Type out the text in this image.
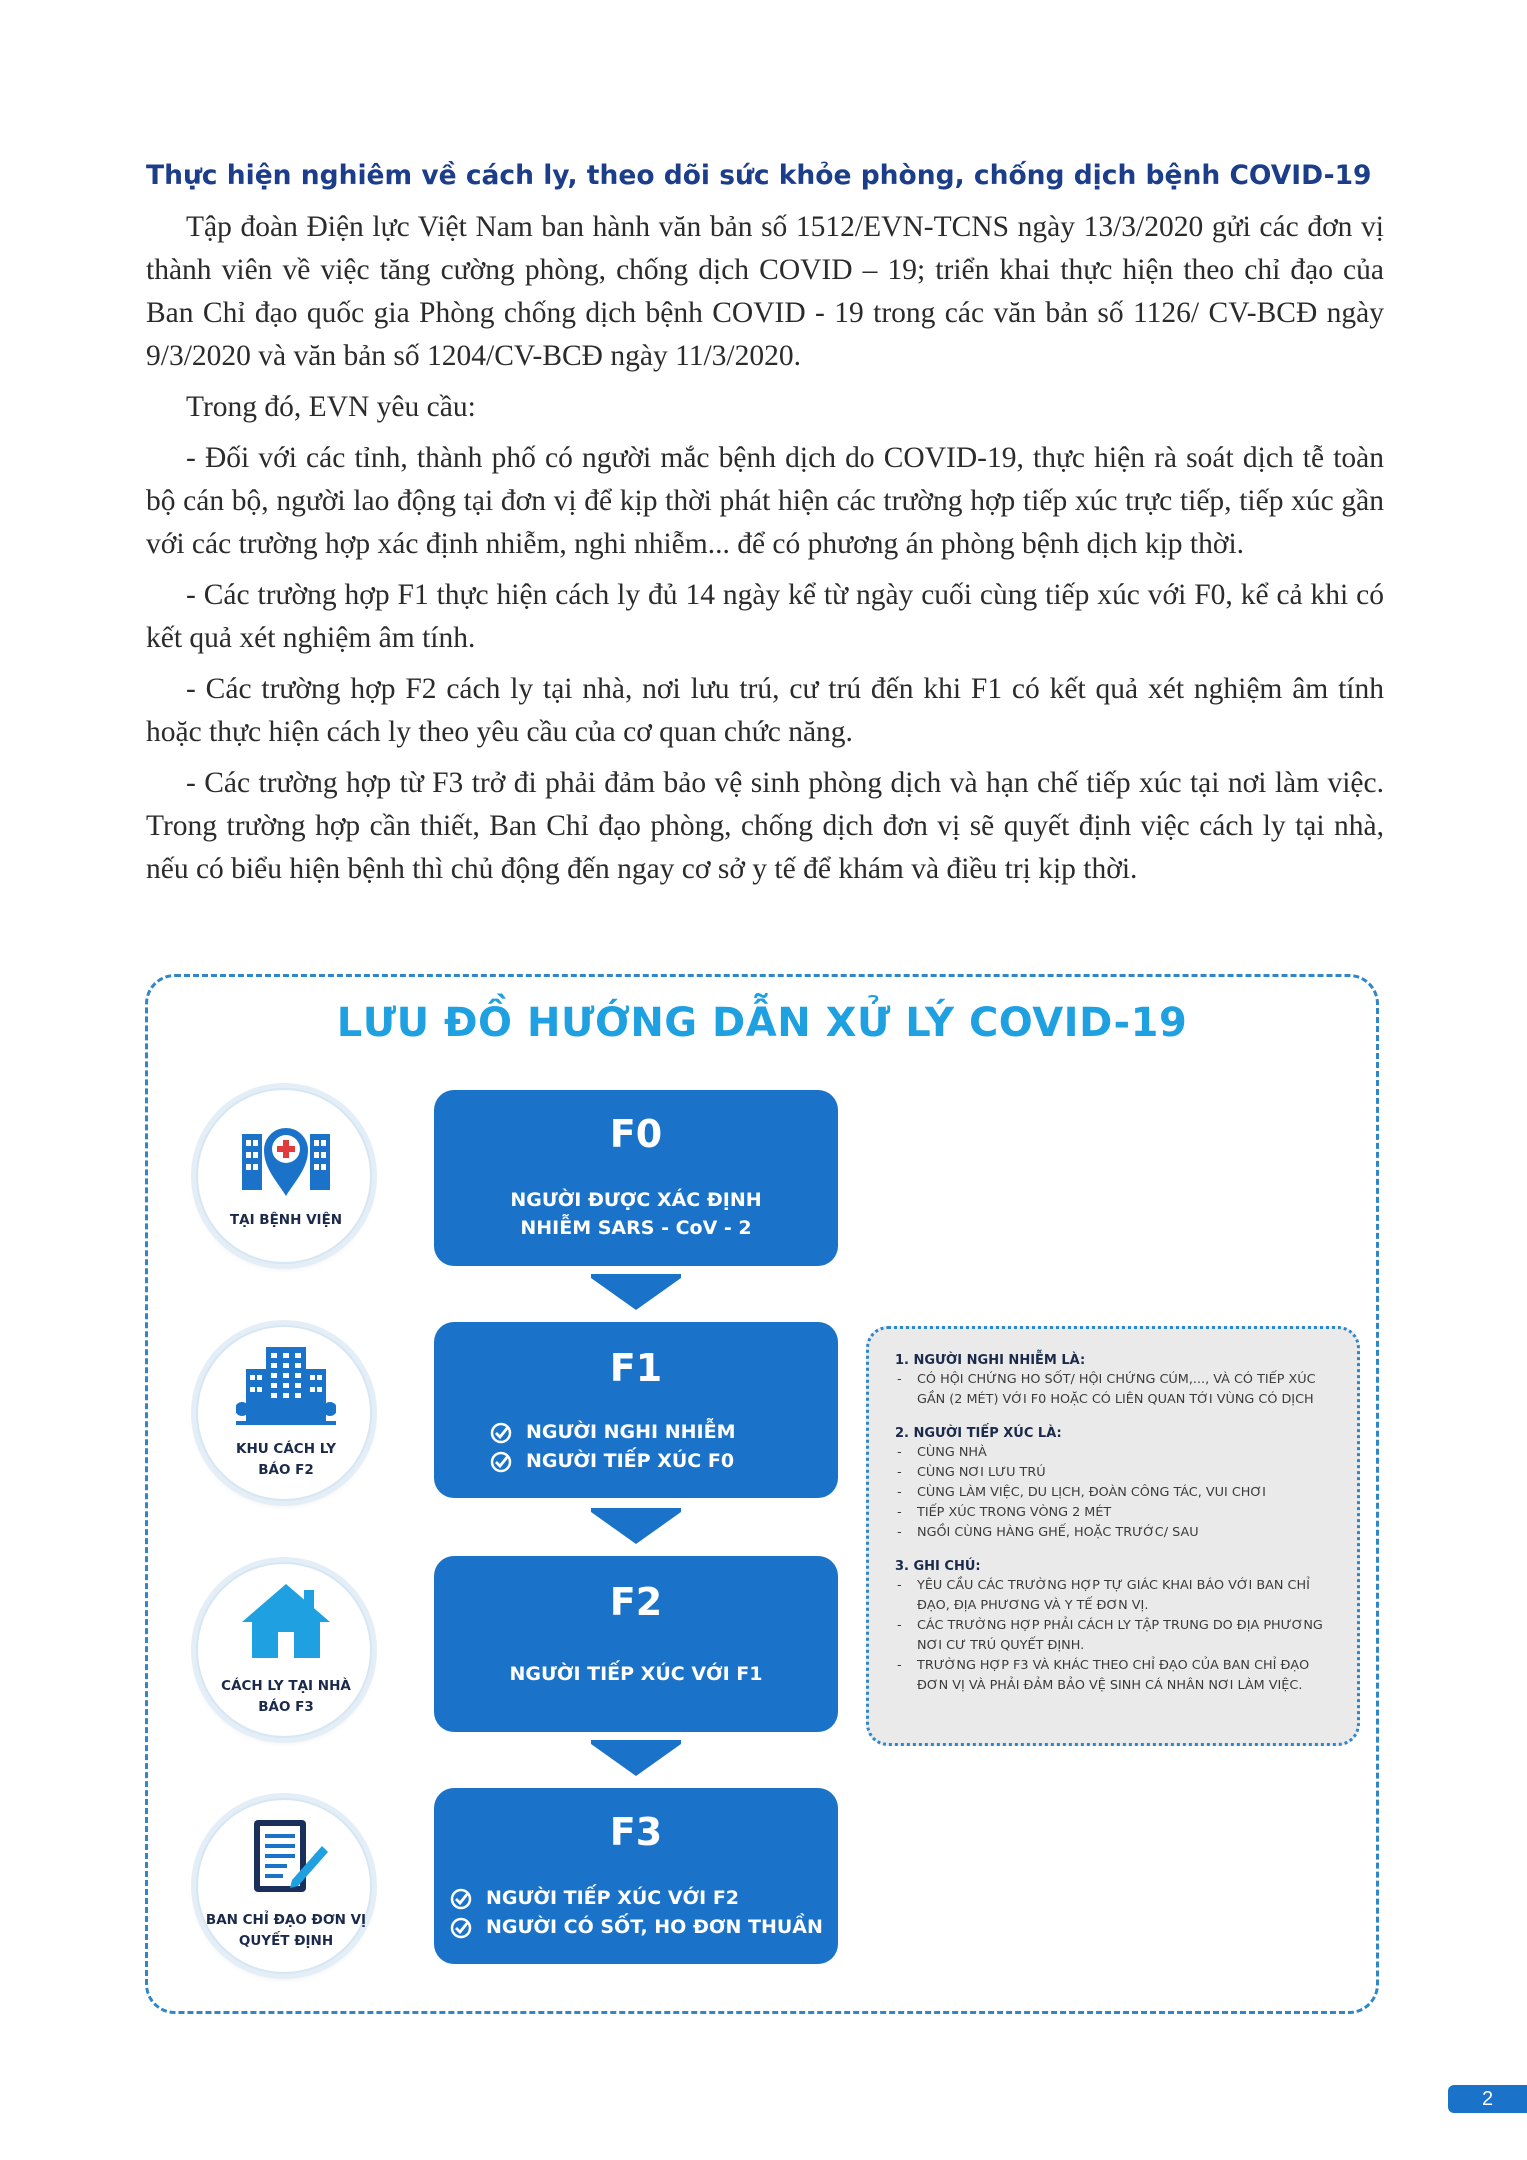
Thực hiện nghiêm về cách ly, theo dõi sức khỏe phòng, chống dịch bệnh COVID-19

Tập đoàn Điện lực Việt Nam ban hành văn bản số 1512/EVN-TCNS ngày 13/3/2020 gửi các đơn vị thành viên về việc tăng cường phòng, chống dịch COVID – 19; triển khai thực hiện theo chỉ đạo của Ban Chỉ đạo quốc gia Phòng chống dịch bệnh COVID - 19 trong các văn bản số 1126/ CV-BCĐ ngày 9/3/2020 và văn bản số 1204/CV-BCĐ ngày 11/3/2020.

Trong đó, EVN yêu cầu:

- Đối với các tỉnh, thành phố có người mắc bệnh dịch do COVID-19, thực hiện rà soát dịch tễ toàn bộ cán bộ, người lao động tại đơn vị để kịp thời phát hiện các trường hợp tiếp xúc trực tiếp, tiếp xúc gần với các trường hợp xác định nhiễm, nghi nhiễm... để có phương án phòng bệnh dịch kịp thời.

- Các trường hợp F1 thực hiện cách ly đủ 14 ngày kể từ ngày cuối cùng tiếp xúc với F0, kể cả khi có kết quả xét nghiệm âm tính.

- Các trường hợp F2 cách ly tại nhà, nơi lưu trú, cư trú đến khi F1 có kết quả xét nghiệm âm tính hoặc thực hiện cách ly theo yêu cầu của cơ quan chức năng.

- Các trường hợp từ F3 trở đi phải đảm bảo vệ sinh phòng dịch và hạn chế tiếp xúc tại nơi làm việc. Trong trường hợp cần thiết, Ban Chỉ đạo phòng, chống dịch đơn vị sẽ quyết định việc cách ly tại nhà, nếu có biểu hiện bệnh thì chủ động đến ngay cơ sở y tế để khám và điều trị kịp thời.

LƯU ĐỒ HƯỚNG DẪN XỬ LÝ COVID-19
TẠI BỆNH VIỆN
KHU CÁCH LY
BÁO F2
CÁCH LY TẠI NHÀ
BÁO F3
BAN CHỈ ĐẠO ĐƠN VỊ
QUYẾT ĐỊNH
F0
NGƯỜI ĐƯỢC XÁC ĐỊNH
NHIỄM SARS - CoV - 2
F1
NGƯỜI NGHI NHIỄM
NGƯỜI TIẾP XÚC F0
F2
NGƯỜI TIẾP XÚC VỚI F1
F3
NGƯỜI TIẾP XÚC VỚI F2
NGƯỜI CÓ SỐT, HO ĐƠN THUẦN
1. NGƯỜI NGHI NHIỄM LÀ:
-	CÓ HỘI CHỨNG HO SỐT/ HỘI CHỨNG CÚM,..., VÀ CÓ TIẾP XÚC GẦN (2 MÉT) VỚI F0 HOẶC CÓ LIÊN QUAN TỚI VÙNG CÓ DỊCH
2. NGƯỜI TIẾP XÚC LÀ:
-	CÙNG NHÀ
-	CÙNG NƠI LƯU TRÚ
-	CÙNG LÀM VIỆC, DU LỊCH, ĐOÀN CÔNG TÁC, VUI CHƠI
-	TIẾP XÚC TRONG VÒNG 2 MÉT
-	NGỒI CÙNG HÀNG GHẾ, HOẶC TRƯỚC/ SAU
3. GHI CHÚ:
-	YÊU CẦU CÁC TRƯỜNG HỢP TỰ GIÁC KHAI BÁO VỚI BAN CHỈ ĐẠO, ĐỊA PHƯƠNG VÀ Y TẾ ĐƠN VỊ.
-	CÁC TRƯỜNG HỢP PHẢI CÁCH LY TẬP TRUNG DO ĐỊA PHƯƠNG NƠI CƯ TRÚ QUYẾT ĐỊNH.
-	TRƯỜNG HỢP F3 VÀ KHÁC THEO CHỈ ĐẠO CỦA BAN CHỈ ĐẠO ĐƠN VỊ VÀ PHẢI ĐẢM BẢO VỆ SINH CÁ NHÂN NƠI LÀM VIỆC.
2
